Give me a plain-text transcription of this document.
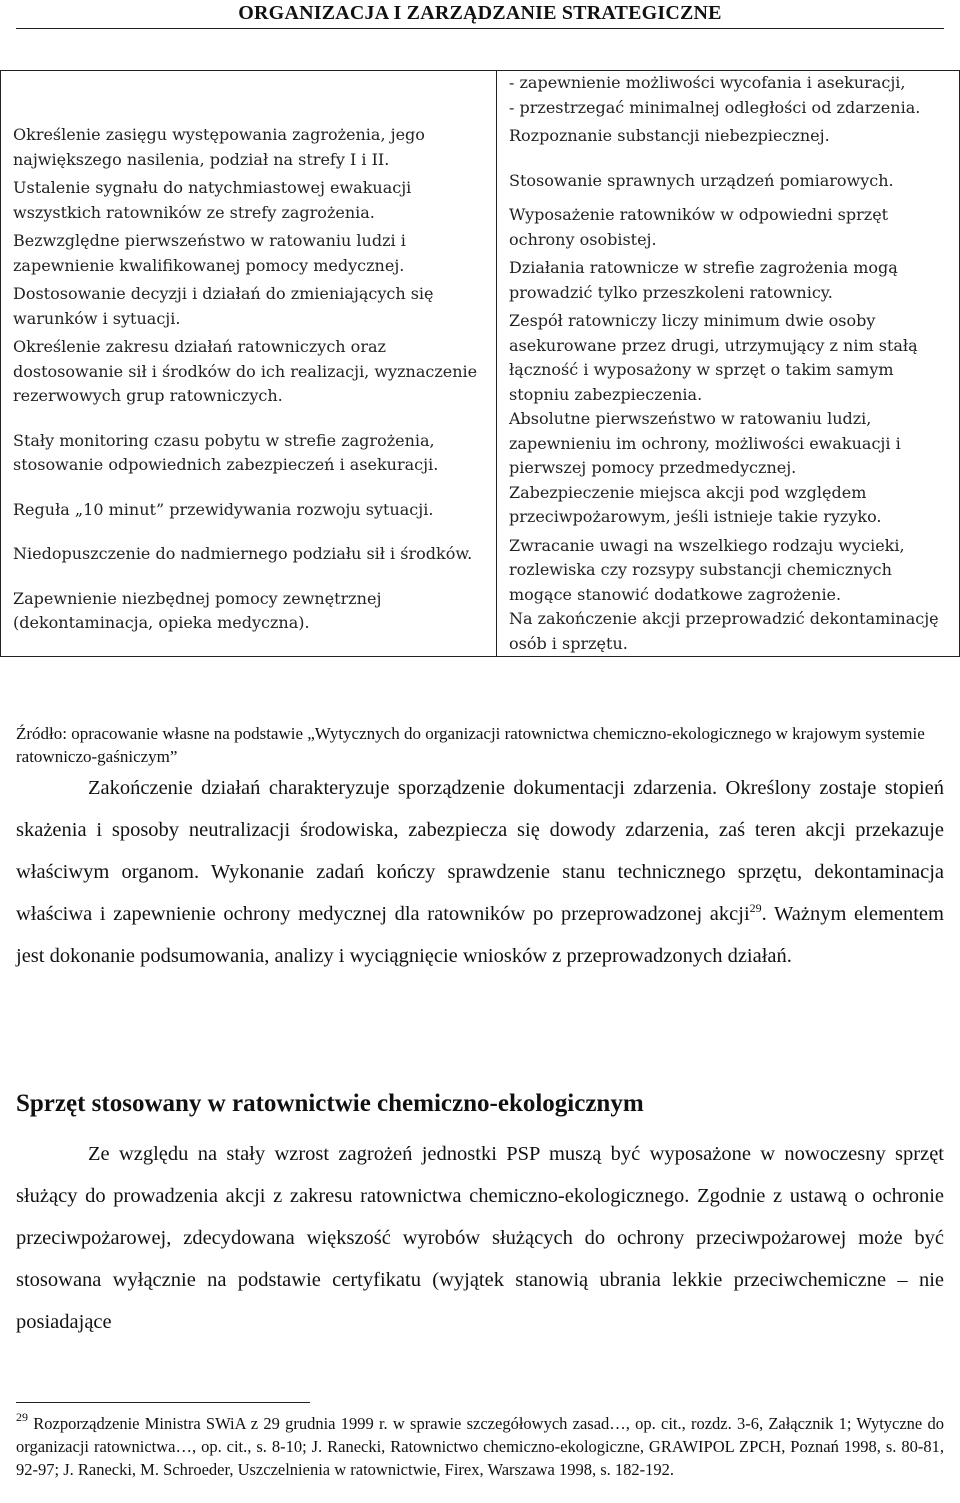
ORGANIZACJA I ZARZĄDZANIE STRATEGICZNE
Określenie zasięgu występowania zagrożenia, jego największego nasilenia, podział na strefy I i II.
Ustalenie sygnału do natychmiastowej ewakuacji wszystkich ratowników ze strefy zagrożenia.
Bezwzględne pierwszeństwo w ratowaniu ludzi i zapewnienie kwalifikowanej pomocy medycznej.
Dostosowanie decyzji i działań do zmieniających się warunków i sytuacji.
Określenie zakresu działań ratowniczych oraz dostosowanie sił i środków do ich realizacji, wyznaczenie rezerwowych grup ratowniczych.
Stały monitoring czasu pobytu w strefie zagrożenia, stosowanie odpowiednich zabezpieczeń i asekuracji.
Reguła „10 minut” przewidywania rozwoju sytuacji.
Niedopuszczenie do nadmiernego podziału sił i środków.
Zapewnienie niezbędnej pomocy zewnętrznej (dekontaminacja, opieka medyczna).

- zapewnienie możliwości wycofania i asekuracji,
- przestrzegać minimalnej odległości od zdarzenia.
Rozpoznanie substancji niebezpiecznej.
Stosowanie sprawnych urządzeń pomiarowych.
Wyposażenie ratowników w odpowiedni sprzęt ochrony osobistej.
Działania ratownicze w strefie zagrożenia mogą prowadzić tylko przeszkoleni ratownicy.
Zespół ratowniczy liczy minimum dwie osoby asekurowane przez drugi, utrzymujący z nim stałą łączność i wyposażony w sprzęt o takim samym stopniu zabezpieczenia.
Absolutne pierwszeństwo w ratowaniu ludzi, zapewnieniu im ochrony, możliwości ewakuacji i pierwszej pomocy przedmedycznej.
Zabezpieczenie miejsca akcji pod względem przeciwpożarowym, jeśli istnieje takie ryzyko.
Zwracanie uwagi na wszelkiego rodzaju wycieki, rozlewiska czy rozsypy substancji chemicznych mogące stanowić dodatkowe zagrożenie.
Na zakończenie akcji przeprowadzić dekontaminację osób i sprzętu.
Źródło: opracowanie własne na podstawie „Wytycznych do organizacji ratownictwa chemiczno-ekologicznego w krajowym systemie ratowniczo-gaśniczym”
Zakończenie działań charakteryzuje sporządzenie dokumentacji zdarzenia. Określony zostaje stopień skażenia i sposoby neutralizacji środowiska, zabezpiecza się dowody zdarzenia, zaś teren akcji przekazuje właściwym organom. Wykonanie zadań kończy sprawdzenie stanu technicznego sprzętu, dekontaminacja właściwa i zapewnienie ochrony medycznej dla ratowników po przeprowadzonej akcji$^{29}$. Ważnym elementem jest dokonanie podsumowania, analizy i wyciągnięcie wniosków z przeprowadzonych działań.
Sprzęt stosowany w ratownictwie chemiczno-ekologicznym
Ze względu na stały wzrost zagrożeń jednostki PSP muszą być wyposażone w nowoczesny sprzęt służący do prowadzenia akcji z zakresu ratownictwa chemiczno-ekologicznego. Zgodnie z ustawą o ochronie przeciwpożarowej, zdecydowana większość wyrobów służących do ochrony przeciwpożarowej może być stosowana wyłącznie na podstawie certyfikatu (wyjątek stanowią ubrania lekkie przeciwchemiczne – nie posiadające
$^{29}$ Rozporządzenie Ministra SWiA z 29 grudnia 1999 r. w sprawie szczegółowych zasad…, op. cit., rozdz. 3-6, Załącznik 1; Wytyczne do organizacji ratownictwa…, op. cit., s. 8-10; J. Ranecki, Ratownictwo chemiczno-ekologiczne, GRAWIPOL ZPCH, Poznań 1998, s. 80-81, 92-97; J. Ranecki, M. Schroeder, Uszczelnienia w ratownictwie, Firex, Warszawa 1998, s. 182-192.
